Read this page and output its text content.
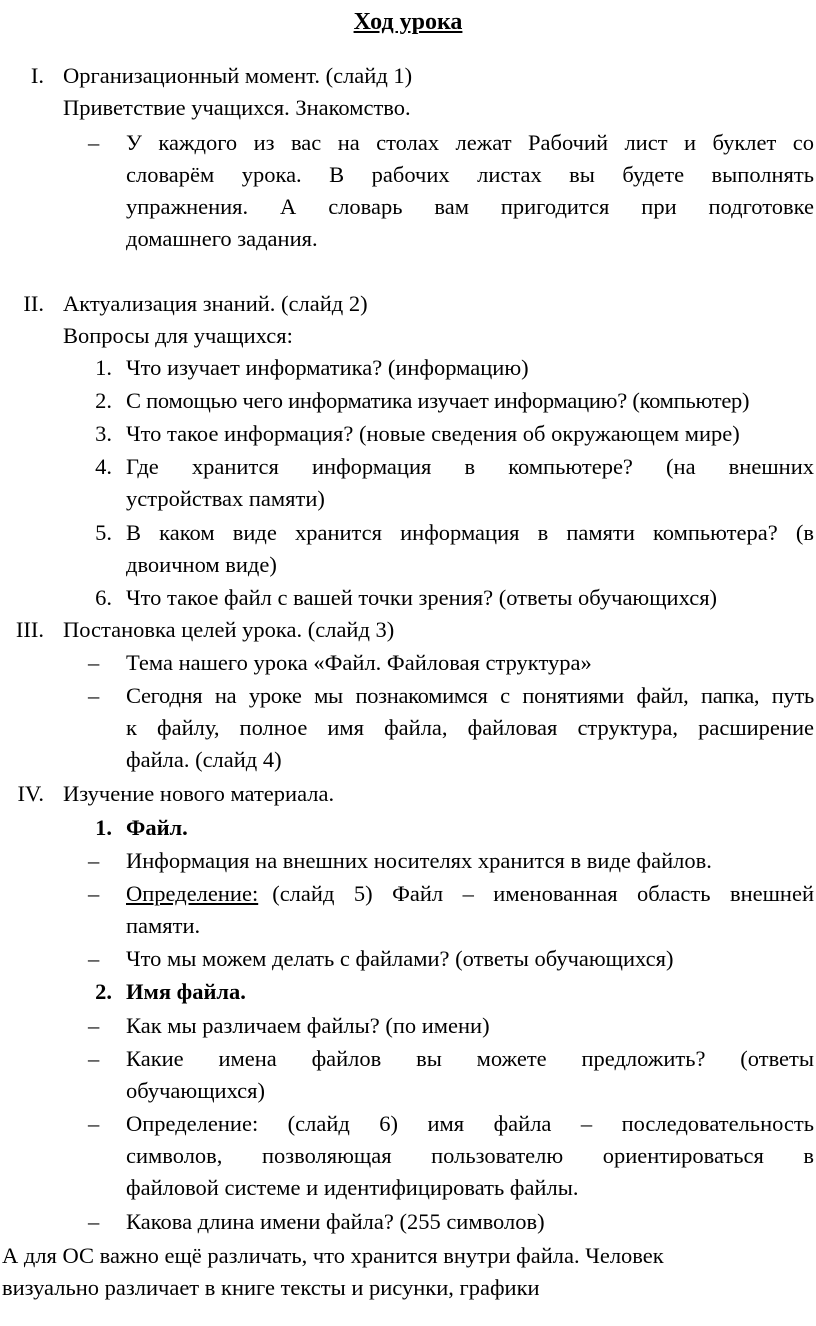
Ход урока
I. Организационный момент. (слайд 1)
Приветствие учащихся. Знакомство.
– У каждого из вас на столах лежат Рабочий лист и буклет со
словарём урока. В рабочих листах вы будете выполнять
упражнения. А словарь вам пригодится при подготовке
домашнего задания.
II. Актуализация знаний. (слайд 2)
Вопросы для учащихся:
1. Что изучает информатика? (информацию)
2. С помощью чего информатика изучает информацию? (компьютер)
3. Что такое информация? (новые сведения об окружающем мире)
4. Где хранится информация в компьютере? (на внешних
устройствах памяти)
5. В каком виде хранится информация в памяти компьютера? (в
двоичном виде)
6. Что такое файл с вашей точки зрения? (ответы обучающихся)
III. Постановка целей урока. (слайд 3)
– Тема нашего урока «Файл. Файловая структура»
– Сегодня на уроке мы познакомимся с понятиями файл, папка, путь
к файлу, полное имя файла, файловая структура, расширение
файла. (слайд 4)
IV. Изучение нового материала.
1. Файл.
– Информация на внешних носителях хранится в виде файлов.
– Определение: (слайд 5) Файл – именованная область внешней
памяти.
– Что мы можем делать с файлами? (ответы обучающихся)
2. Имя файла.
– Как мы различаем файлы? (по имени)
– Какие имена файлов вы можете предложить? (ответы
обучающихся)
– Определение: (слайд 6) имя файла – последовательность
символов, позволяющая пользователю ориентироваться в
файловой системе и идентифицировать файлы.
– Какова длина имени файла? (255 символов)
А для ОС важно ещё различать, что хранится внутри файла. Человек
визуально различает в книге тексты и рисунки, графики
